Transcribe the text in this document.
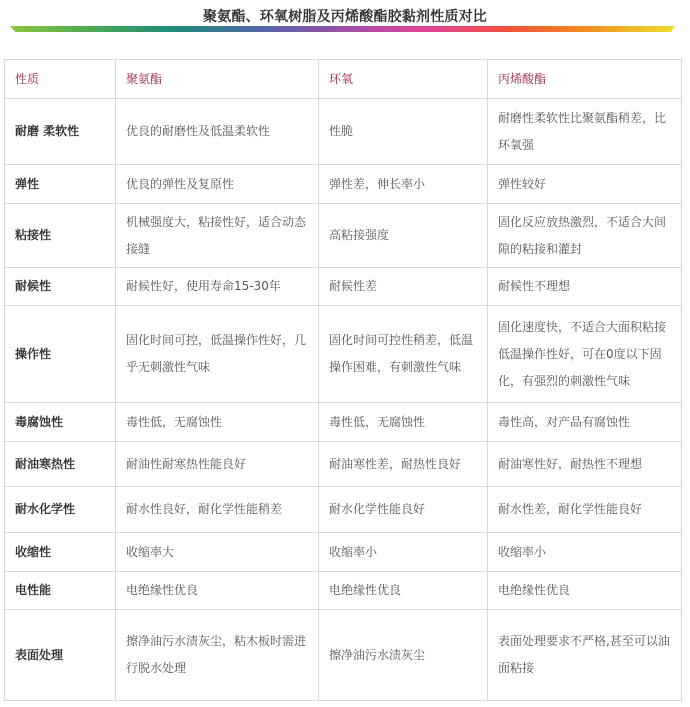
聚氨酯、环氧树脂及丙烯酸酯胶黏剂性质对比
性质	聚氨酯	环氧	丙烯酸酯
耐磨 柔软性	优良的耐磨性及低温柔软性	性脆	耐磨性柔软性比聚氨酯稍差，比环氧强
弹性	优良的弹性及复原性	弹性差，伸长率小	弹性较好
粘接性	机械强度大，粘接性好，适合动态接缝	高粘接强度	固化反应放热激烈，不适合大间隙的粘接和灌封
耐候性	耐候性好，使用寿命15-30年	耐候性差	耐候性不理想
操作性	固化时间可控，低温操作性好，几乎无刺激性气味	固化时间可控性稍差，低温操作困难，有刺激性气味	固化速度快，不适合大面积粘接低温操作性好，可在0度以下固化，有强烈的刺激性气味
毒腐蚀性	毒性低，无腐蚀性	毒性低，无腐蚀性	毒性高，对产品有腐蚀性
耐油寒热性	耐油性耐寒热性能良好	耐油寒性差，耐热性良好	耐油寒性好，耐热性不理想
耐水化学性	耐水性良好，耐化学性能稍差	耐水化学性能良好	耐水性差，耐化学性能良好
收缩性	收缩率大	收缩率小	收缩率小
电性能	电绝缘性优良	电绝缘性优良	电绝缘性优良
表面处理	擦净油污水渍灰尘，粘木板时需进行脱水处理	擦净油污水渍灰尘	表面处理要求不严格,甚至可以油面粘接
